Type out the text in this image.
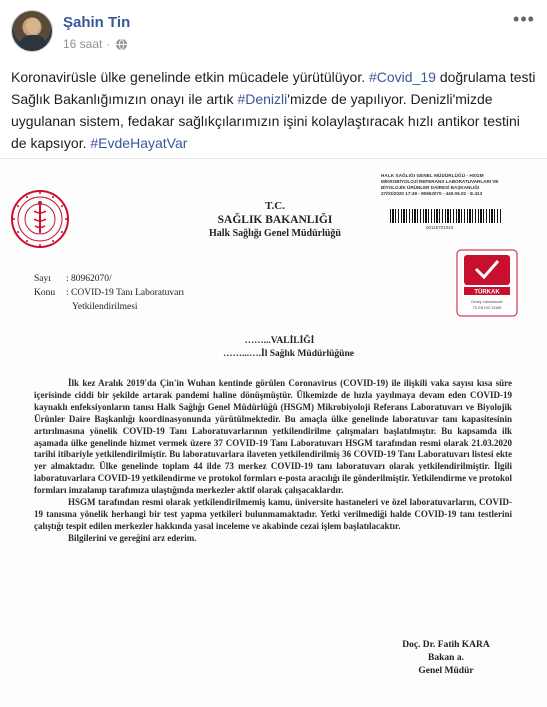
Şahin Tin
16 saat ·
•••
Koronavirüsle ülke genelinde etkin mücadele yürütülüyor. #Covid_19 doğrulama testi Sağlık Bakanlığımızın onayı ile artık #Denizli'mizde de yapılıyor. Denizli'mizde uygulanan sistem, fedakar sağlıkçılarımızın işini kolaylaştıracak hızlı antikor testini de kapsıyor. #EvdeHayatVar
HALK SAĞLIĞI GENEL MÜDÜRLÜĞÜ - HSGM
MİKROBİYOLOJİ REFERANS LABORATUVARLARI VE
BİYOLOJİK ÜRÜNLER DAİRESİ BAŞKANLIĞI
27/03/2020 17:49 - 80962070 - 440.06.02 - E.413
00115701024
TÜRKAK
Deney Laboratuvarı
TS EN ISO 15189
T.C.
SAĞLIK BAKANLIĞI
Halk Sağlığı Genel Müdürlüğü
Sayı	: 80962070/
Konu	: COVID-19 Tanı Laboratuvarı
Yetkilendirilmesi
……...VALİLİĞİ
……...….İl Sağlık Müdürlüğüne

İlk kez Aralık 2019'da Çin'in Wuhan kentinde görülen Coronavirus (COVID-19) ile ilişkili vaka sayısı kısa süre içerisinde ciddi bir şekilde artarak pandemi haline dönüşmüştür. Ülkemizde de hızla yayılmaya devam eden COVID-19 kaynaklı enfeksiyonların tanısı Halk Sağlığı Genel Müdürlüğü (HSGM) Mikrobiyoloji Referans Laboratuvarı ve Biyolojik Ürünler Daire Başkanlığı koordinasyonunda yürütülmektedir. Bu amaçla ülke genelinde laboratuvar tanı kapasitesinin artırılmasına yönelik COVID-19 Tanı Laboratuvarlarının yetkilendirilme çalışmaları başlatılmıştır. Bu kapsamda ilk aşamada ülke genelinde hizmet vermek üzere 37 COVID-19 Tanı Laboratuvarı HSGM tarafından resmi olarak 21.03.2020 tarihi itibariyle yetkilendirilmiştir. Bu laboratuvarlara ilaveten yetkilendirilmiş 36 COVID-19 Tanı Laboratuvarı listesi ekte yer almaktadır. Ülke genelinde toplam 44 ilde 73 merkez COVID-19 tanı laboratuvarı olarak yetkilendirilmiştir. İlgili laboratuvarlara COVID-19 yetkilendirme ve protokol formları e-posta aracılığı ile gönderilmiştir. Yetkilendirme ve protokol formları imzalanıp tarafımıza ulaştığında merkezler aktif olarak çalışacaklardır.

HSGM tarafından resmi olarak yetkilendirilmemiş kamu, üniversite hastaneleri ve özel laboratuvarların, COVID-19 tanısına yönelik herhangi bir test yapma yetkileri bulunmamaktadır. Yetki verilmediği halde COVID-19 tanı testlerini çalıştığı tespit edilen merkezler hakkında yasal inceleme ve akabinde cezai işlem başlatılacaktır.

Bilgilerini ve gereğini arz ederim.

Doç. Dr. Fatih KARA
Bakan a.
Genel Müdür
